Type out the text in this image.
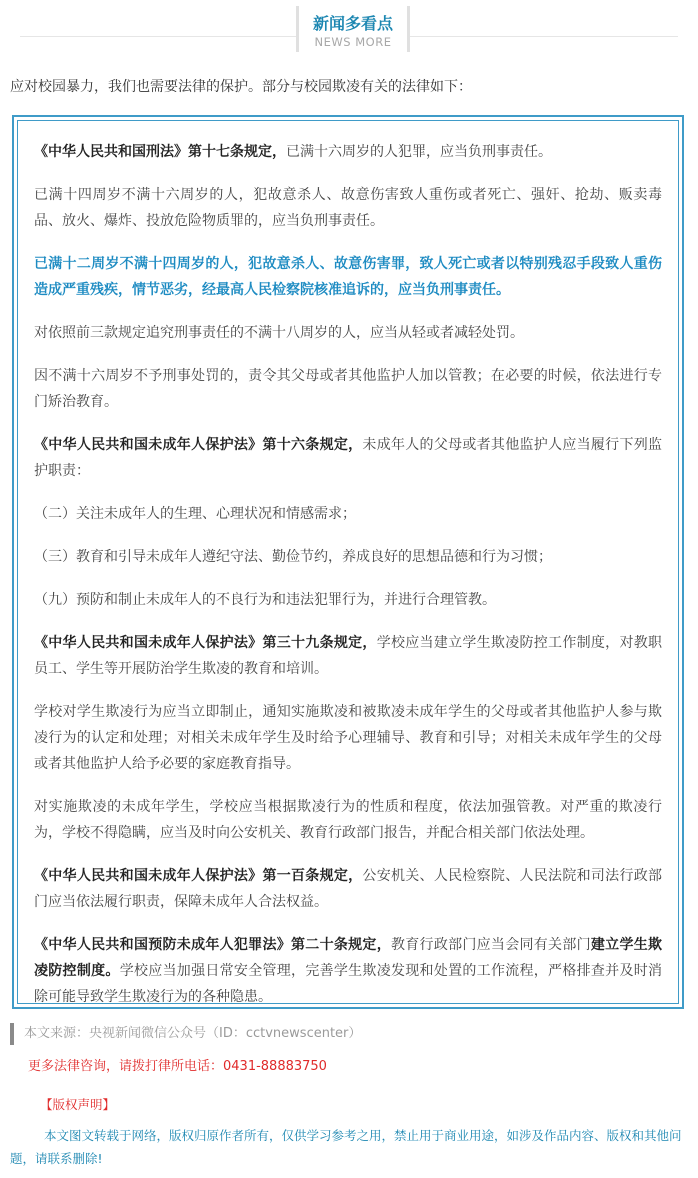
新闻多看点
NEWS MORE
应对校园暴力，我们也需要法律的保护。部分与校园欺凌有关的法律如下：

《中华人民共和国刑法》第十七条规定，已满十六周岁的人犯罪，应当负刑事责任。

已满十四周岁不满十六周岁的人，犯故意杀人、故意伤害致人重伤或者死亡、强奸、抢劫、贩卖毒品、放火、爆炸、投放危险物质罪的，应当负刑事责任。

已满十二周岁不满十四周岁的人，犯故意杀人、故意伤害罪，致人死亡或者以特别残忍手段致人重伤造成严重残疾，情节恶劣，经最高人民检察院核准追诉的，应当负刑事责任。

对依照前三款规定追究刑事责任的不满十八周岁的人，应当从轻或者减轻处罚。

因不满十六周岁不予刑事处罚的，责令其父母或者其他监护人加以管教；在必要的时候，依法进行专门矫治教育。

《中华人民共和国未成年人保护法》第十六条规定，未成年人的父母或者其他监护人应当履行下列监护职责：

（二）关注未成年人的生理、心理状况和情感需求；

（三）教育和引导未成年人遵纪守法、勤俭节约，养成良好的思想品德和行为习惯；

（九）预防和制止未成年人的不良行为和违法犯罪行为，并进行合理管教。

《中华人民共和国未成年人保护法》第三十九条规定，学校应当建立学生欺凌防控工作制度，对教职员工、学生等开展防治学生欺凌的教育和培训。

学校对学生欺凌行为应当立即制止，通知实施欺凌和被欺凌未成年学生的父母或者其他监护人参与欺凌行为的认定和处理；对相关未成年学生及时给予心理辅导、教育和引导；对相关未成年学生的父母或者其他监护人给予必要的家庭教育指导。

对实施欺凌的未成年学生，学校应当根据欺凌行为的性质和程度，依法加强管教。对严重的欺凌行为，学校不得隐瞒，应当及时向公安机关、教育行政部门报告，并配合相关部门依法处理。

《中华人民共和国未成年人保护法》第一百条规定，公安机关、人民检察院、人民法院和司法行政部门应当依法履行职责，保障未成年人合法权益。

《中华人民共和国预防未成年人犯罪法》第二十条规定，教育行政部门应当会同有关部门建立学生欺凌防控制度。学校应当加强日常安全管理，完善学生欺凌发现和处置的工作流程，严格排查并及时消除可能导致学生欺凌行为的各种隐患。

本文来源：央视新闻微信公众号（ID：cctvnewscenter）
更多法律咨询，请拨打律所电话：0431-88883750
【版权声明】
本文图文转载于网络，版权归原作者所有，仅供学习参考之用，禁止用于商业用途，如涉及作品内容、版权和其他问题，请联系删除!
